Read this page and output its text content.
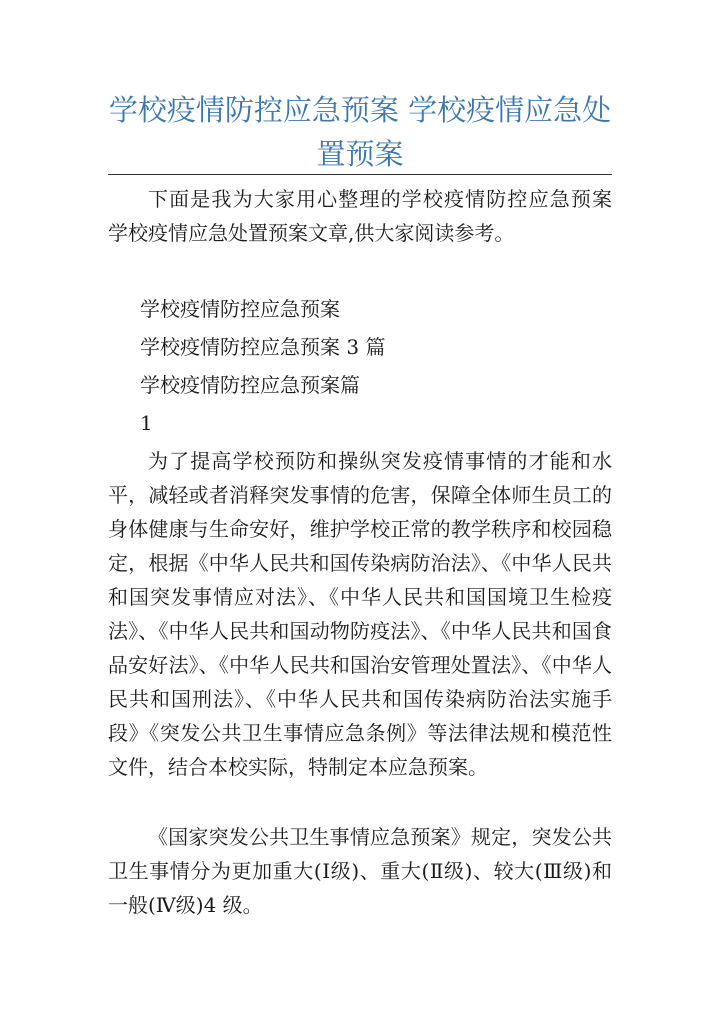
学校疫情防控应急预案 学校疫情应急处置预案

下面是我为大家用心整理的学校疫情防控应急预案 学校疫情应急处置预案文章,供大家阅读参考。

学校疫情防控应急预案

学校疫情防控应急预案 3 篇

学校疫情防控应急预案篇

1

为了提高学校预防和操纵突发疫情事情的才能和水平，减轻或者消释突发事情的危害，保障全体师生员工的身体健康与生命安好，维护学校正常的教学秩序和校园稳定，根据《中华人民共和国传染病防治法》、《中华人民共和国突发事情应对法》、《中华人民共和国国境卫生检疫法》、《中华人民共和国动物防疫法》、《中华人民共和国食品安好法》、《中华人民共和国治安管理处置法》、《中华人民共和国刑法》、《中华人民共和国传染病防治法实施手段》《突发公共卫生事情应急条例》等法律法规和模范性文件，结合本校实际，特制定本应急预案。

《国家突发公共卫生事情应急预案》规定，突发公共卫生事情分为更加重大(Ⅰ级)、重大(Ⅱ级)、较大(Ⅲ级)和一般(Ⅳ级)4 级。
